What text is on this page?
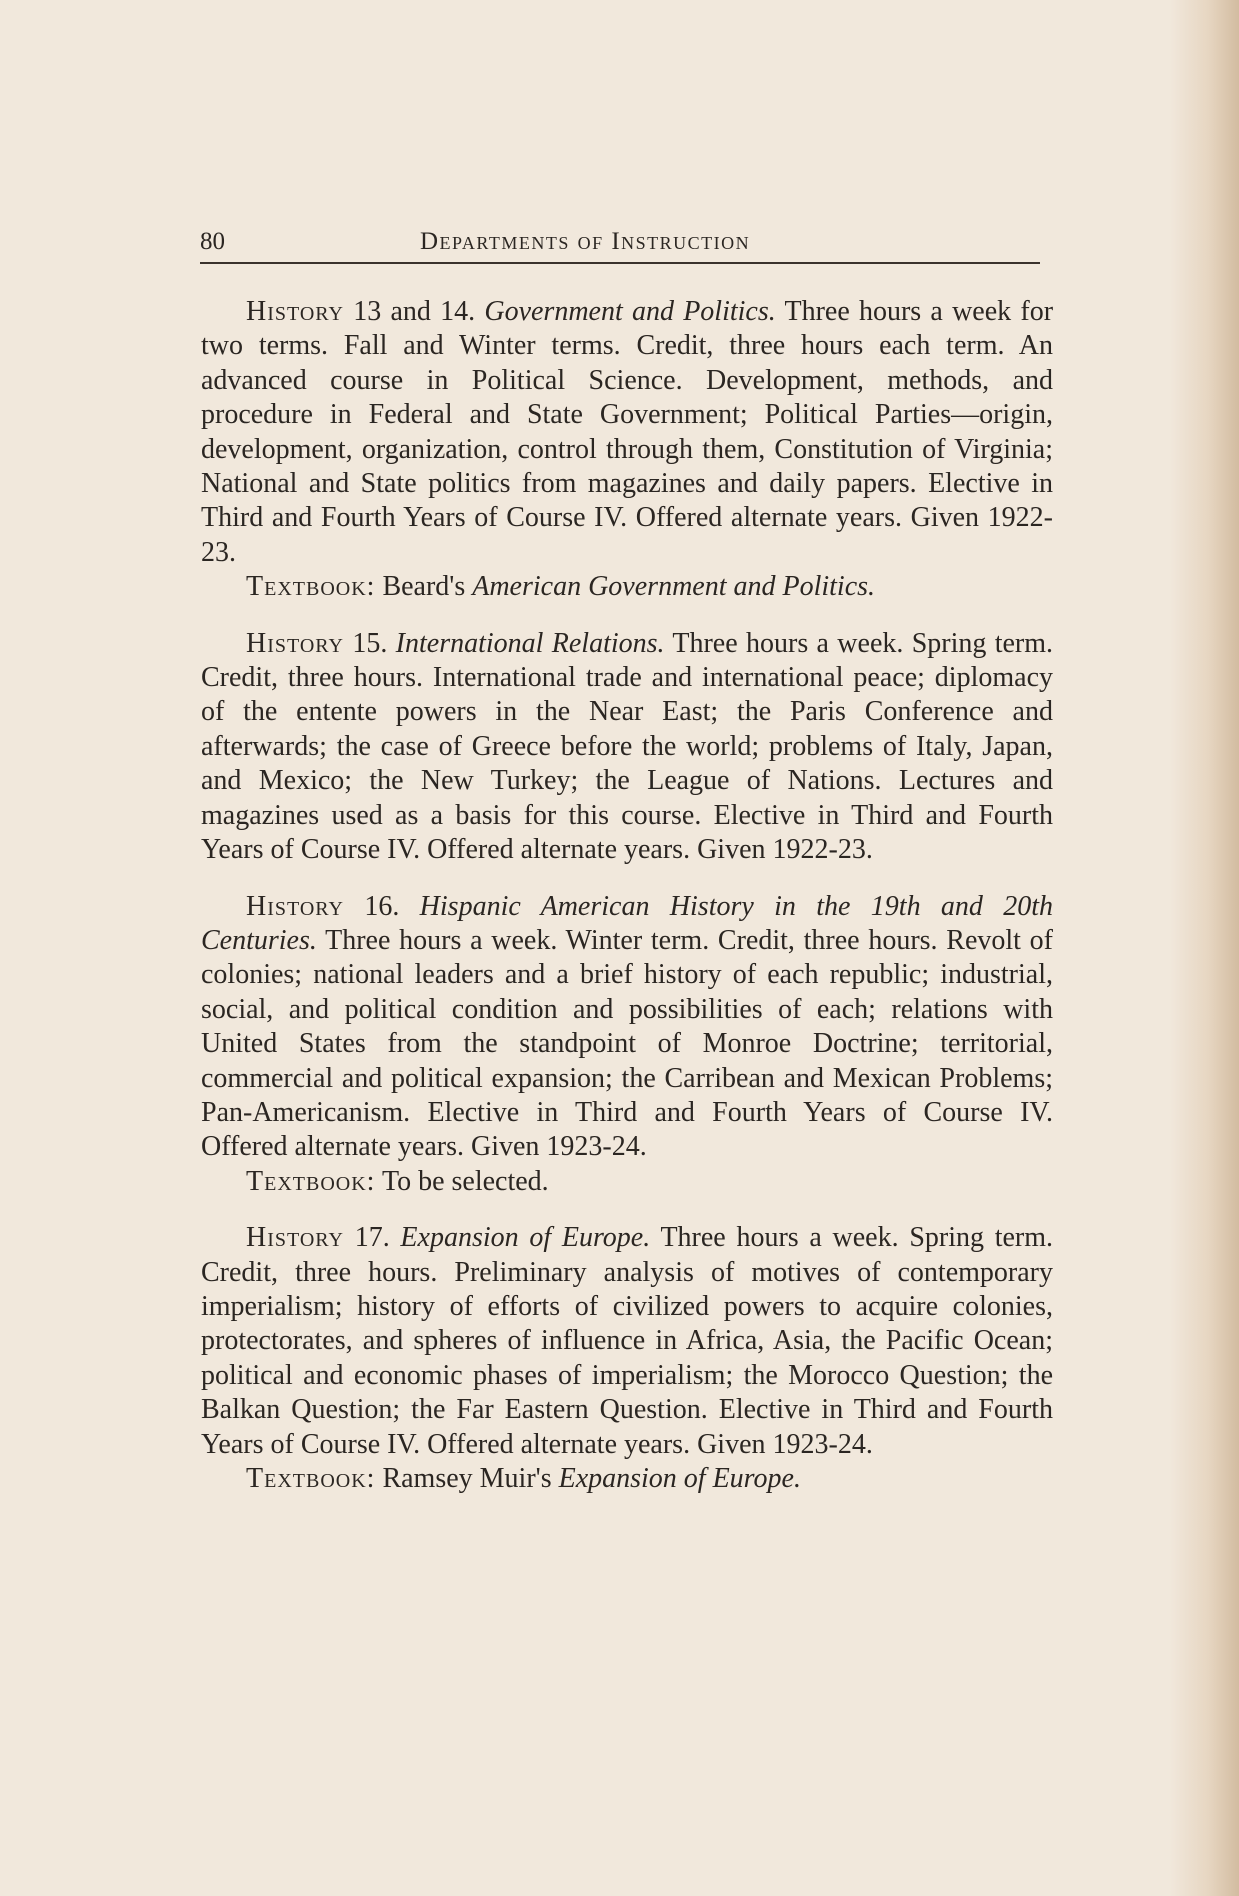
80	Departments of Instruction

History 13 and 14. Government and Politics. Three hours a week for two terms. Fall and Winter terms. Credit, three hours each term. An advanced course in Political Science. Development, methods, and procedure in Federal and State Government; Political Parties—origin, development, organization, control through them, Constitution of Virginia; National and State politics from magazines and daily papers. Elective in Third and Fourth Years of Course IV. Offered alternate years. Given 1922-23.

Textbook: Beard's American Government and Politics.

History 15. International Relations. Three hours a week. Spring term. Credit, three hours. International trade and international peace; diplomacy of the entente powers in the Near East; the Paris Conference and afterwards; the case of Greece before the world; problems of Italy, Japan, and Mexico; the New Turkey; the League of Nations. Lectures and magazines used as a basis for this course. Elective in Third and Fourth Years of Course IV. Offered alternate years. Given 1922-23.

History 16. Hispanic American History in the 19th and 20th Centuries. Three hours a week. Winter term. Credit, three hours. Revolt of colonies; national leaders and a brief history of each republic; industrial, social, and political condition and possibilities of each; relations with United States from the standpoint of Monroe Doctrine; territorial, commercial and political expansion; the Carribean and Mexican Problems; Pan-Americanism. Elective in Third and Fourth Years of Course IV. Offered alternate years. Given 1923-24.

Textbook: To be selected.

History 17. Expansion of Europe. Three hours a week. Spring term. Credit, three hours. Preliminary analysis of motives of contemporary imperialism; history of efforts of civilized powers to acquire colonies, protectorates, and spheres of influence in Africa, Asia, the Pacific Ocean; political and economic phases of imperialism; the Morocco Question; the Balkan Question; the Far Eastern Question. Elective in Third and Fourth Years of Course IV. Offered alternate years. Given 1923-24.

Textbook: Ramsey Muir's Expansion of Europe.
